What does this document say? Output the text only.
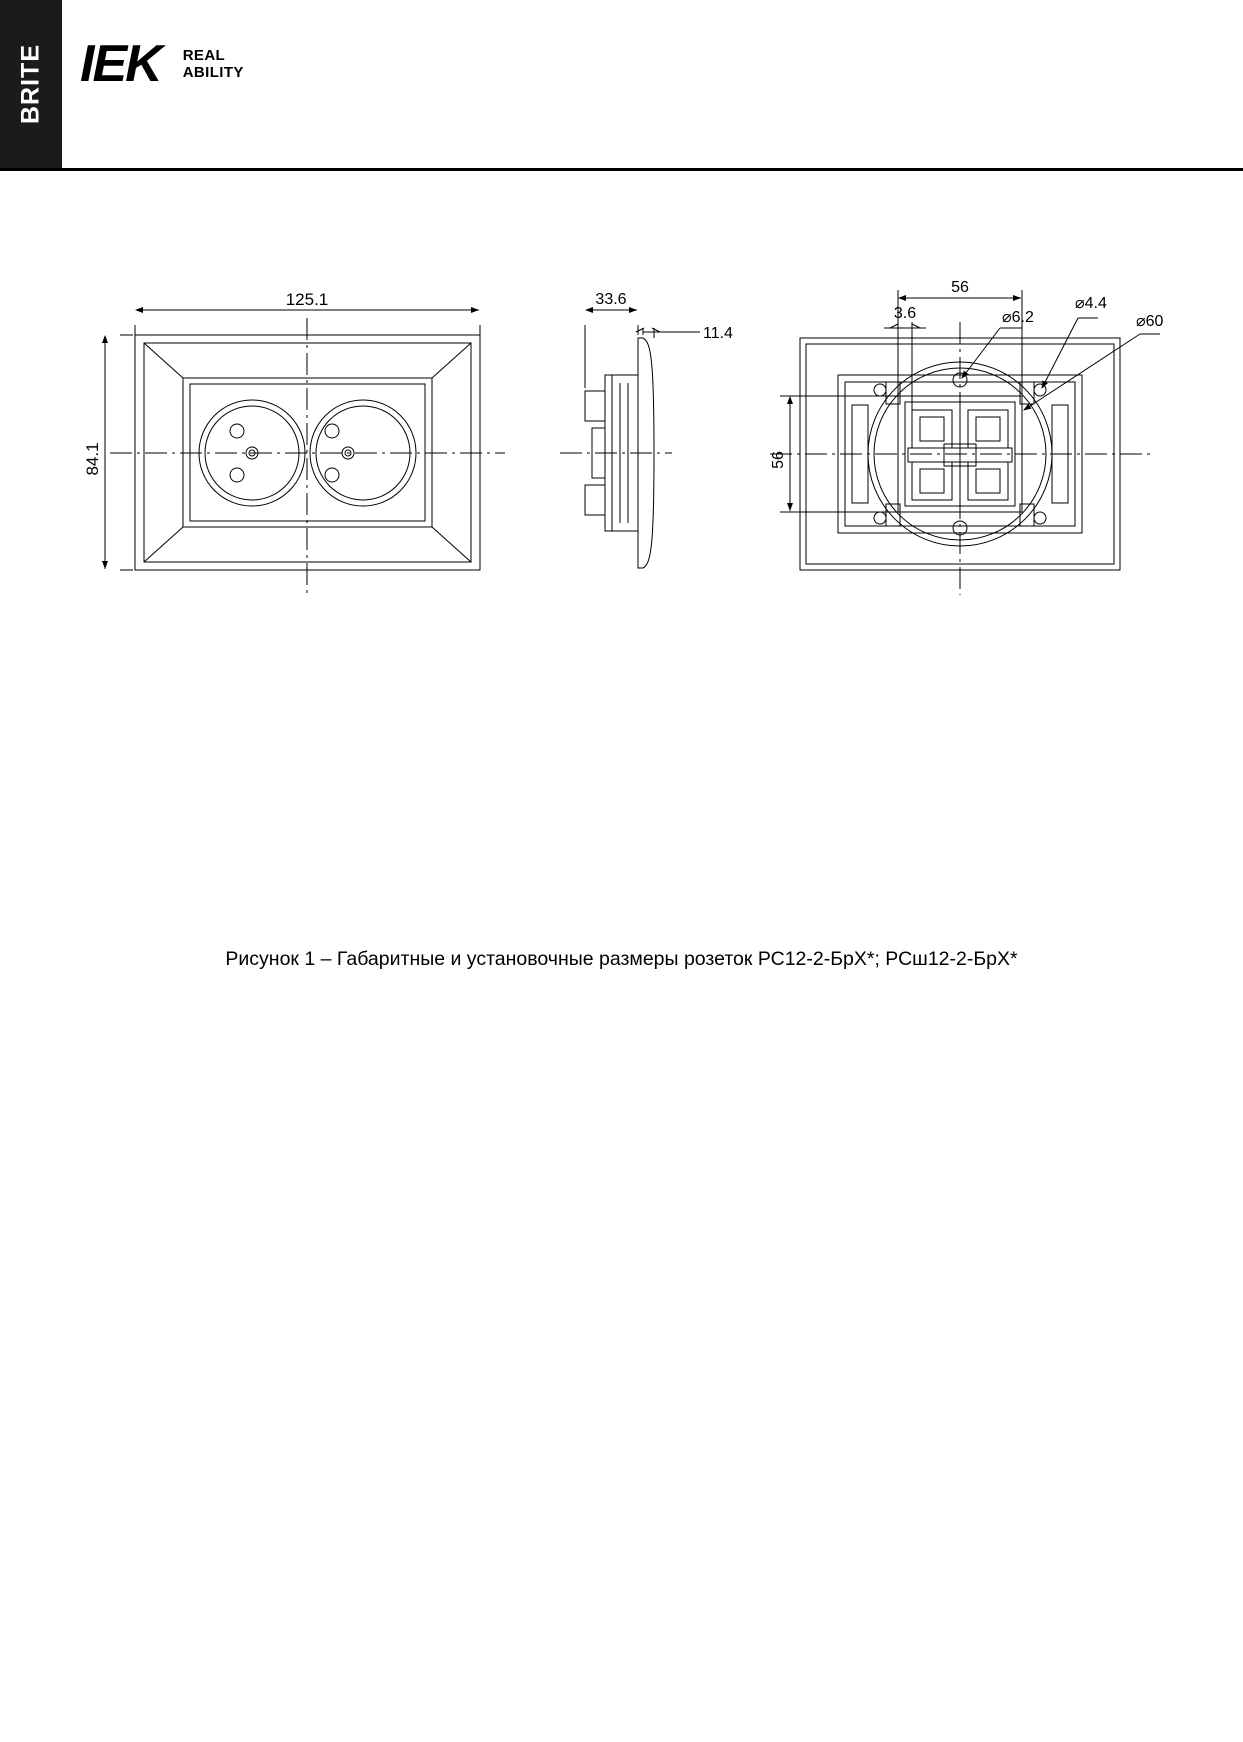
BRITE IEK REAL
ABILITY
125.1
84.1
33.6
11.4
56
56
3.6	⌀6.2
⌀4.4
⌀60
Рисунок 1 – Габаритные и установочные размеры розеток РС12-2-БрХ*; РСш12-2-БрХ*
